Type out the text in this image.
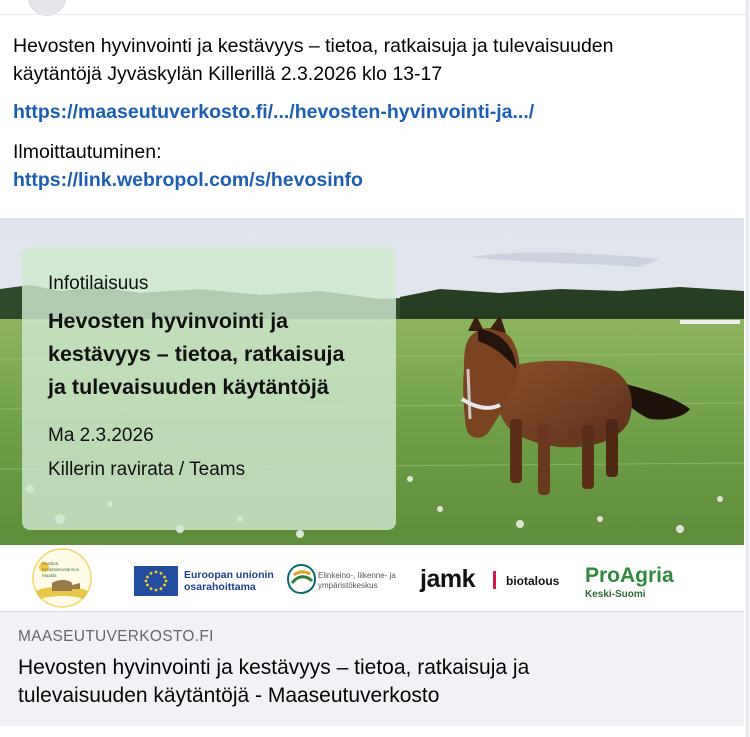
Hevosten hyvinvointi ja kestävyys – tietoa, ratkaisuja ja tulevaisuuden

käytäntöjä Jyväskylän Killerillä 2.3.2026 klo 13-17

https://maaseutuverkosto.fi/.../hevosten-hyvinvointi-ja.../

Ilmoittautuminen:

https://link.webropol.com/s/hevosinfo

Infotilaisuus
Hevosten hyvinvointi ja
kestävyys – tietoa, ratkaisuja
ja tulevaisuuden käytäntöjä
Ma 2.3.2026
Killerin ravirata / Teams
Kestävä
Kotieläintuotannon
Maatila	Euroopan unionin
osarahoittama
Elinkeino-, liikenne- ja
ympäristökeskus	jamk	biotalous ProAgria
Keski-Suomi
MAASEUTUVERKOSTO.FI
Hevosten hyvinvointi ja kestävyys – tietoa, ratkaisuja ja
tulevaisuuden käytäntöjä - Maaseutuverkosto
